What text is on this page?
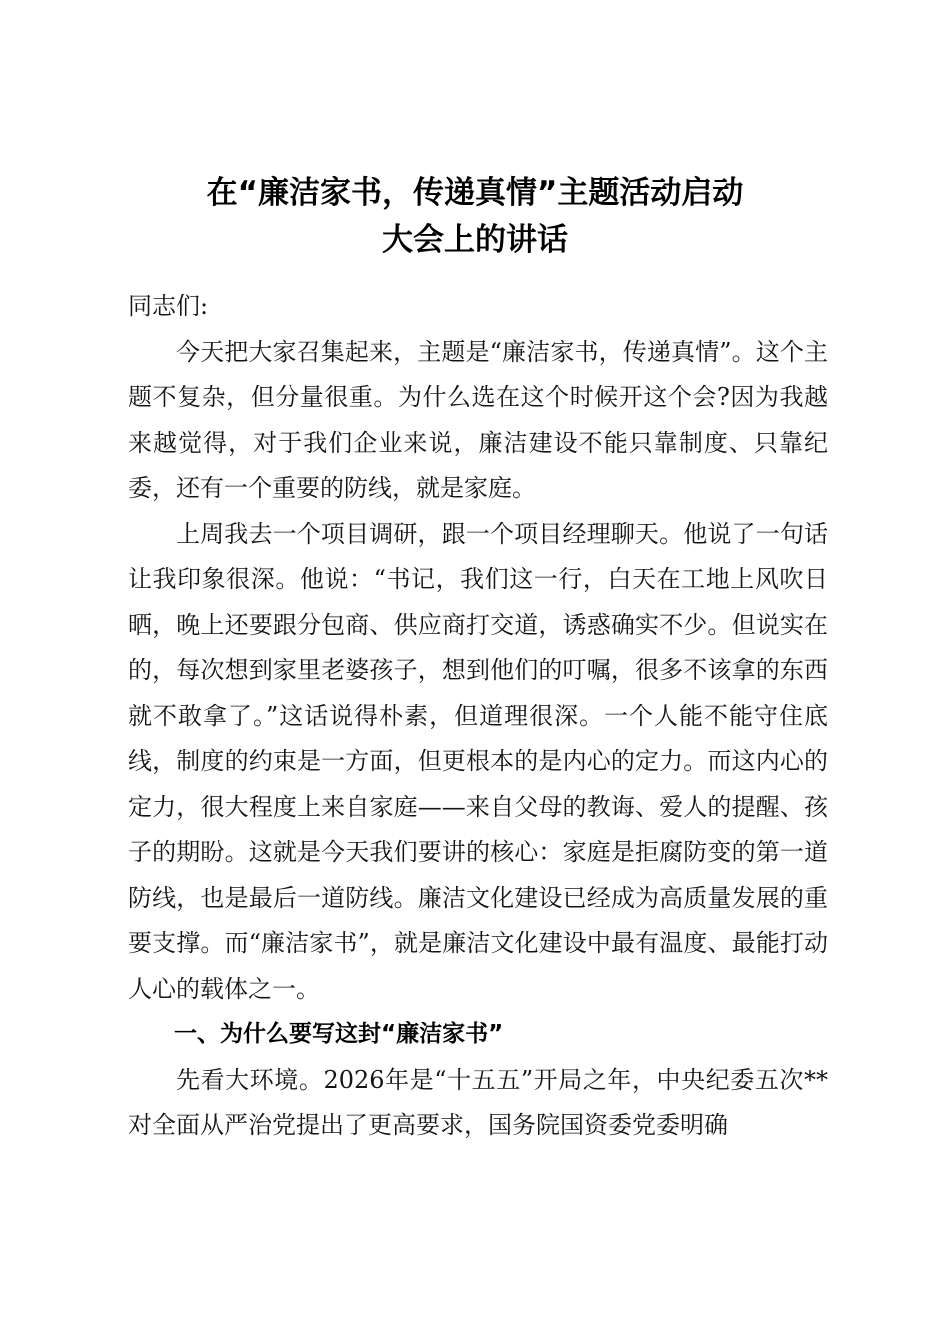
在“廉洁家书，传递真情”主题活动启动
大会上的讲话

同志们:

今天把大家召集起来，主题是“廉洁家书，传递真情”。这个主题不复杂，但分量很重。为什么选在这个时候开这个会?因为我越来越觉得，对于我们企业来说，廉洁建设不能只靠制度、只靠纪委，还有一个重要的防线，就是家庭。

上周我去一个项目调研，跟一个项目经理聊天。他说了一句话让我印象很深。他说：“书记，我们这一行，白天在工地上风吹日晒，晚上还要跟分包商、供应商打交道，诱惑确实不少。但说实在的，每次想到家里老婆孩子，想到他们的叮嘱，很多不该拿的东西就不敢拿了。”这话说得朴素，但道理很深。一个人能不能守住底线，制度的约束是一方面，但更根本的是内心的定力。而这内心的定力，很大程度上来自家庭——来自父母的教诲、爱人的提醒、孩子的期盼。这就是今天我们要讲的核心：家庭是拒腐防变的第一道防线，也是最后一道防线。廉洁文化建设已经成为高质量发展的重要支撑。而“廉洁家书”，就是廉洁文化建设中最有温度、最能打动人心的载体之一。

一、为什么要写这封“廉洁家书”

先看大环境。2026年是“十五五”开局之年，中央纪委五次**对全面从严治党提出了更高要求，国务院国资委党委明确
